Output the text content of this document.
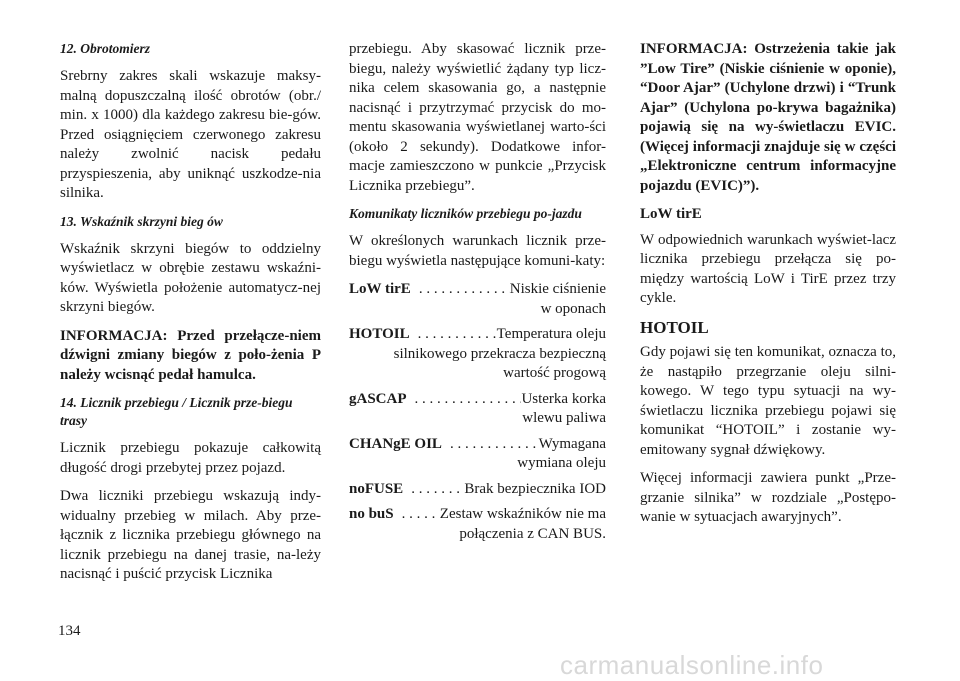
12. Obrotomierz

Srebrny zakres skali wskazuje maksy-malną dopuszczalną ilość obrotów (obr./ min. x 1000) dla każdego zakresu bie-gów. Przed osiągnięciem czerwonego zakresu należy zwolnić nacisk pedału przyspieszenia, aby uniknąć uszkodze-nia silnika.

13. Wskaźnik skrzyni bieg ów

Wskaźnik skrzyni biegów to oddzielny wyświetlacz w obrębie zestawu wskaźni-ków. Wyświetla położenie automatycz-nej skrzyni biegów.

INFORMACJA: Przed przełącze-niem dźwigni zmiany biegów z poło-żenia P należy wcisnąć pedał hamulca.
14. Licznik przebiegu / Licznik prze-biegu trasy

Licznik przebiegu pokazuje całkowitą długość drogi przebytej przez pojazd.

Dwa liczniki przebiegu wskazują indy-widualny przebieg w milach. Aby prze-łącznik z licznika przebiegu głównego na licznik przebiegu na danej trasie, na-leży nacisnąć i puścić przycisk Licznika

przebiegu. Aby skasować licznik prze-biegu, należy wyświetlić żądany typ licz-nika celem skasowania go, a następnie nacisnąć i przytrzymać przycisk do mo-mentu skasowania wyświetlanej warto-ści (około 2 sekundy). Dodatkowe infor-macje zamieszczono w punkcie „Przycisk Licznika przebiegu”.

Komunikaty liczników przebiegu po-jazdu

W określonych warunkach licznik prze-biegu wyświetla następujące komuni-katy:

LoW tirE . . .	Niskie ciśnienie
w oponach
HOTOIL . . .	Temperatura oleju
silnikowego przekracza bezpieczną wartość progową
gASCAP . . .	Usterka korka
wlewu paliwa
CHANgE OIL . . .	Wymagana
wymiana oleju
noFUSE . . .	Brak bezpiecznika IOD
no buS . . .	Zestaw wskaźników nie ma
połączenia z CAN BUS.
INFORMACJA: Ostrzeżenia takie jak ”Low Tire” (Niskie ciśnienie w oponie), “Door Ajar” (Uchylone drzwi) i “Trunk Ajar” (Uchylona po-krywa bagażnika) pojawią się na wy-świetlaczu EVIC. (Więcej informacji znajduje się w części „Elektroniczne centrum informacyjne pojazdu (EVIC)”).
LoW tirE

W odpowiednich warunkach wyświet-lacz licznika przebiegu przełącza się po-między wartością LoW i TirE przez trzy cykle.

HOTOIL

Gdy pojawi się ten komunikat, oznacza to, że nastąpiło przegrzanie oleju silni-kowego. W tego typu sytuacji na wy-świetlaczu licznika przebiegu pojawi się komunikat “HOTOIL” i zostanie wy-emitowany sygnał dźwiękowy.

Więcej informacji zawiera punkt „Prze-grzanie silnika” w rozdziale „Postępo-wanie w sytuacjach awaryjnych”.

134
carmanualsonline.info
